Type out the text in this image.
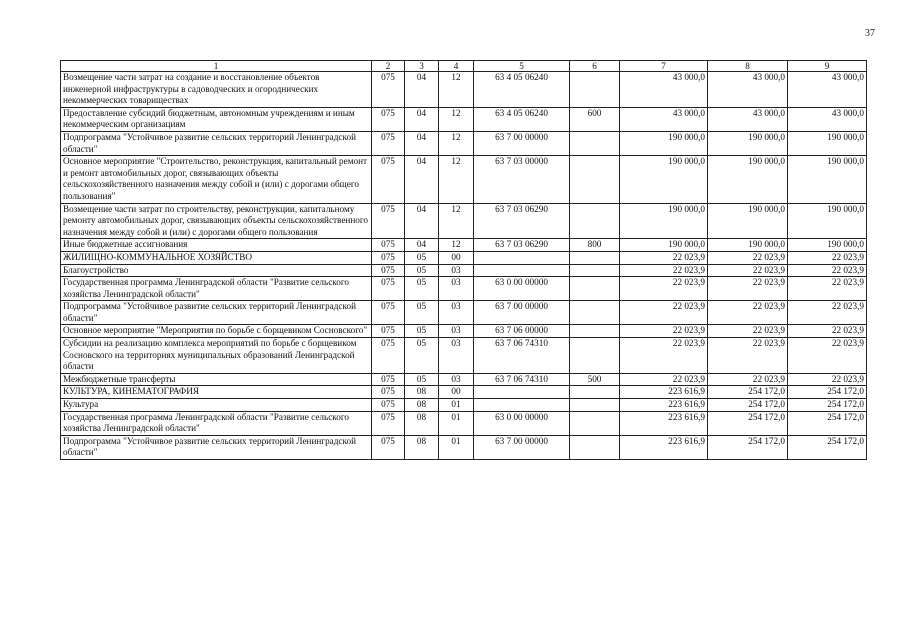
37
1	2	3	4	5	6	7	8	9
Возмещение части затрат на создание и восстановление объектов инженерной инфраструктуры в садоводческих и огороднических некоммерческих товариществах	075	04	12	63 4 05 06240		43 000,0	43 000,0	43 000,0
Предоставление субсидий бюджетным, автономным учреждениям и иным некоммерческим организациям	075	04	12	63 4 05 06240	600	43 000,0	43 000,0	43 000,0
Подпрограмма "Устойчивое развитие сельских территорий Ленинградской области"	075	04	12	63 7 00 00000		190 000,0	190 000,0	190 000,0
Основное мероприятие "Строительство, реконструкция, капитальный ремонт и ремонт автомобильных дорог, связывающих объекты сельскохозяйственного назначения между собой и (или) с дорогами общего пользования"	075	04	12	63 7 03 00000		190 000,0	190 000,0	190 000,0
Возмещение части затрат по строительству, реконструкции, капитальному ремонту автомобильных дорог, связывающих объекты сельскохозяйственного назначения между собой и (или) с дорогами общего пользования	075	04	12	63 7 03 06290		190 000,0	190 000,0	190 000,0
Иные бюджетные ассигнования	075	04	12	63 7 03 06290	800	190 000,0	190 000,0	190 000,0
ЖИЛИЩНО-КОММУНАЛЬНОЕ ХОЗЯЙСТВО	075	05	00			22 023,9	22 023,9	22 023,9
Благоустройство	075	05	03			22 023,9	22 023,9	22 023,9
Государственная программа Ленинградской области "Развитие сельского хозяйства Ленинградской области"	075	05	03	63 0 00 00000		22 023,9	22 023,9	22 023,9
Подпрограмма "Устойчивое развитие сельских территорий Ленинградской области"	075	05	03	63 7 00 00000		22 023,9	22 023,9	22 023,9
Основное мероприятие "Мероприятия по борьбе с борщевиком Сосновского"	075	05	03	63 7 06 00000		22 023,9	22 023,9	22 023,9
Субсидии на реализацию комплекса мероприятий по борьбе с борщевиком Сосновского на территориях муниципальных образований Ленинградской области	075	05	03	63 7 06 74310		22 023,9	22 023,9	22 023,9
Межбюджетные трансферты	075	05	03	63 7 06 74310	500	22 023,9	22 023,9	22 023,9
КУЛЬТУРА, КИНЕМАТОГРАФИЯ	075	08	00			223 616,9	254 172,0	254 172,0
Культура	075	08	01			223 616,9	254 172,0	254 172,0
Государственная программа Ленинградской области "Развитие сельского хозяйства Ленинградской области"	075	08	01	63 0 00 00000		223 616,9	254 172,0	254 172,0
Подпрограмма "Устойчивое развитие сельских территорий Ленинградской области"	075	08	01	63 7 00 00000		223 616,9	254 172,0	254 172,0
